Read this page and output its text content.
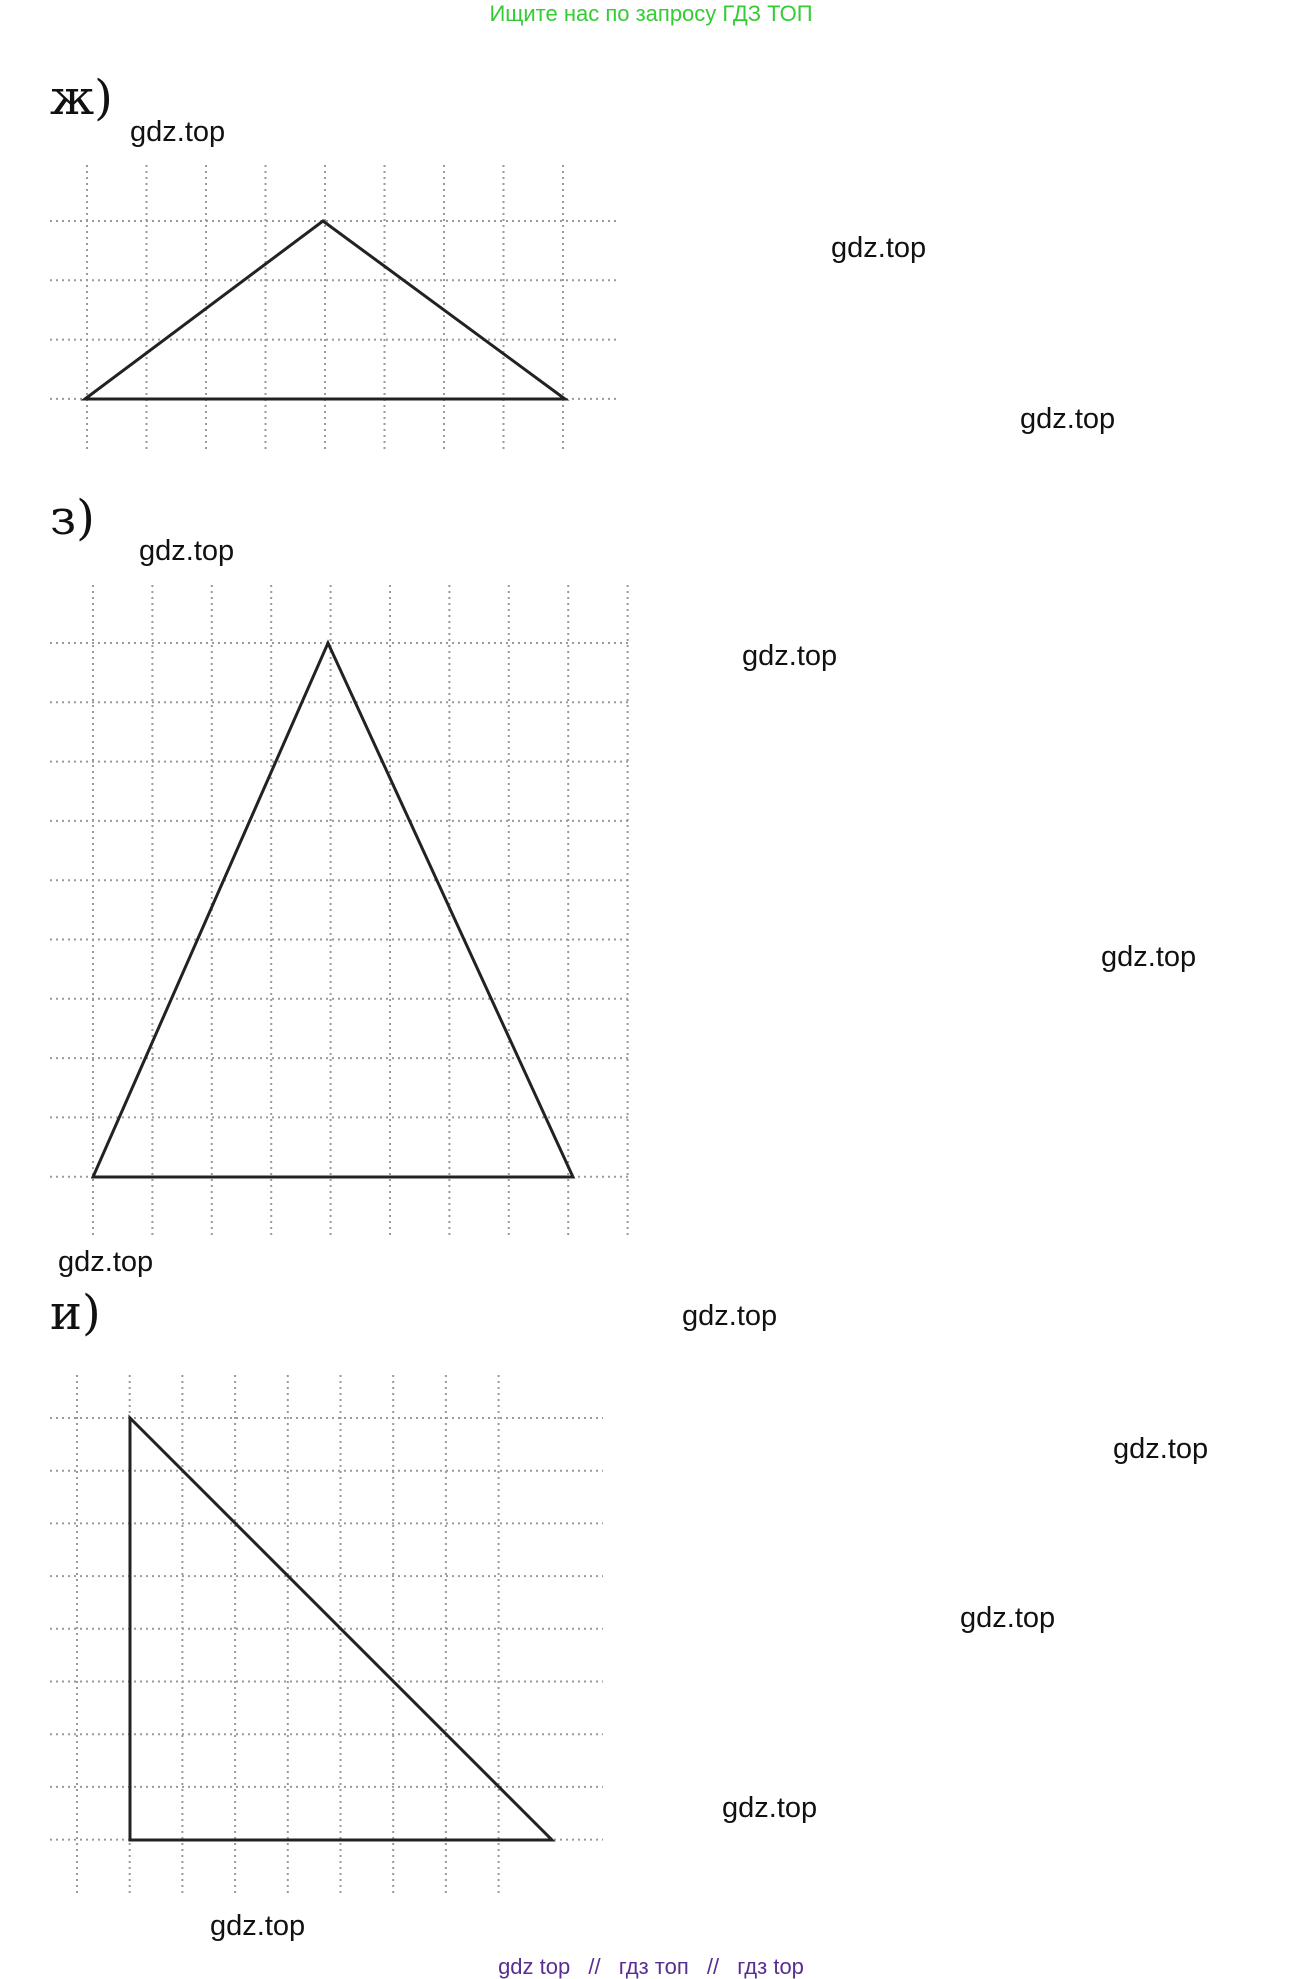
Ищите нас по запросу ГДЗ ТОП
ж)
з)
и)
gdz.top
gdz.top
gdz.top
gdz.top
gdz.top
gdz.top
gdz.top
gdz.top
gdz.top
gdz.top
gdz.top
gdz.top
gdz top // гдз топ // гдз top
